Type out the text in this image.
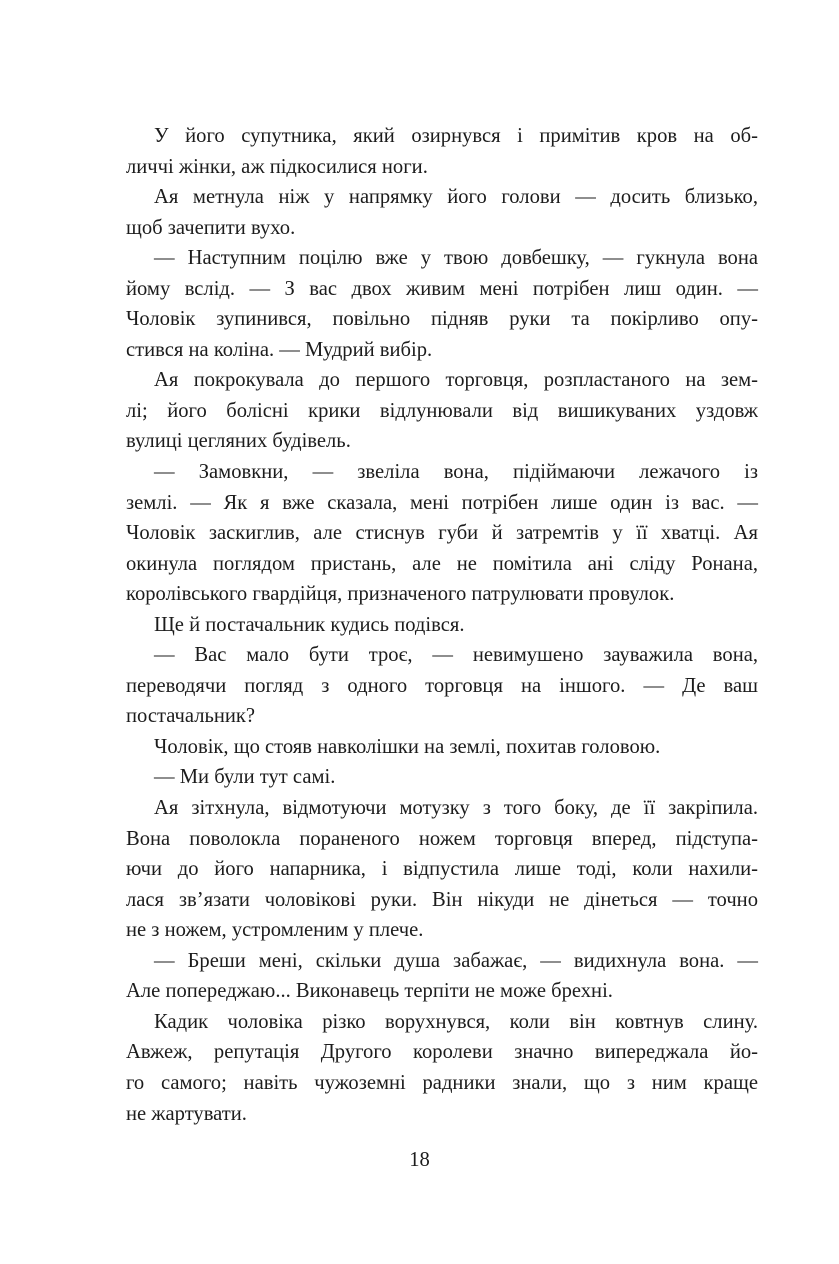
У його супутника, який озирнувся і примітив кров на об-
личчі жінки, аж підкосилися ноги.
Ая метнула ніж у напрямку його голови — досить близько,
щоб зачепити вухо.
— Наступним поцілю вже у твою довбешку, — гукнула вона
йому вслід. — З вас двох живим мені потрібен лиш один. —
Чоловік зупинився, повільно підняв руки та покірливо опу-
стився на коліна. — Мудрий вибір.
Ая покрокувала до першого торговця, розпластаного на зем-
лі; його болісні крики відлунювали від вишикуваних уздовж
вулиці цегляних будівель.
— Замовкни, — звеліла вона, підіймаючи лежачого із
землі. — Як я вже сказала, мені потрібен лише один із вас. —
Чоловік заскиглив, але стиснув губи й затремтів у її хватці. Ая
окинула поглядом пристань, але не помітила ані сліду Ронана,
королівського гвардійця, призначеного патрулювати провулок.
Ще й постачальник кудись подівся.
— Вас мало бути троє, — невимушено зауважила вона,
переводячи погляд з одного торговця на іншого. — Де ваш
постачальник?
Чоловік, що стояв навколішки на землі, похитав головою.
— Ми були тут самі.
Ая зітхнула, відмотуючи мотузку з того боку, де її закріпила.
Вона поволокла пораненого ножем торговця вперед, підступа-
ючи до його напарника, і відпустила лише тоді, коли нахили-
лася зв’язати чоловікові руки. Він нікуди не дінеться — точно
не з ножем, устромленим у плече.
— Бреши мені, скільки душа забажає, — видихнула вона. —
Але попереджаю... Виконавець терпіти не може брехні.
Кадик чоловіка різко ворухнувся, коли він ковтнув слину.
Авжеж, репутація Другого королеви значно випереджала йо-
го самого; навіть чужоземні радники знали, що з ним краще
не жартувати.
18
